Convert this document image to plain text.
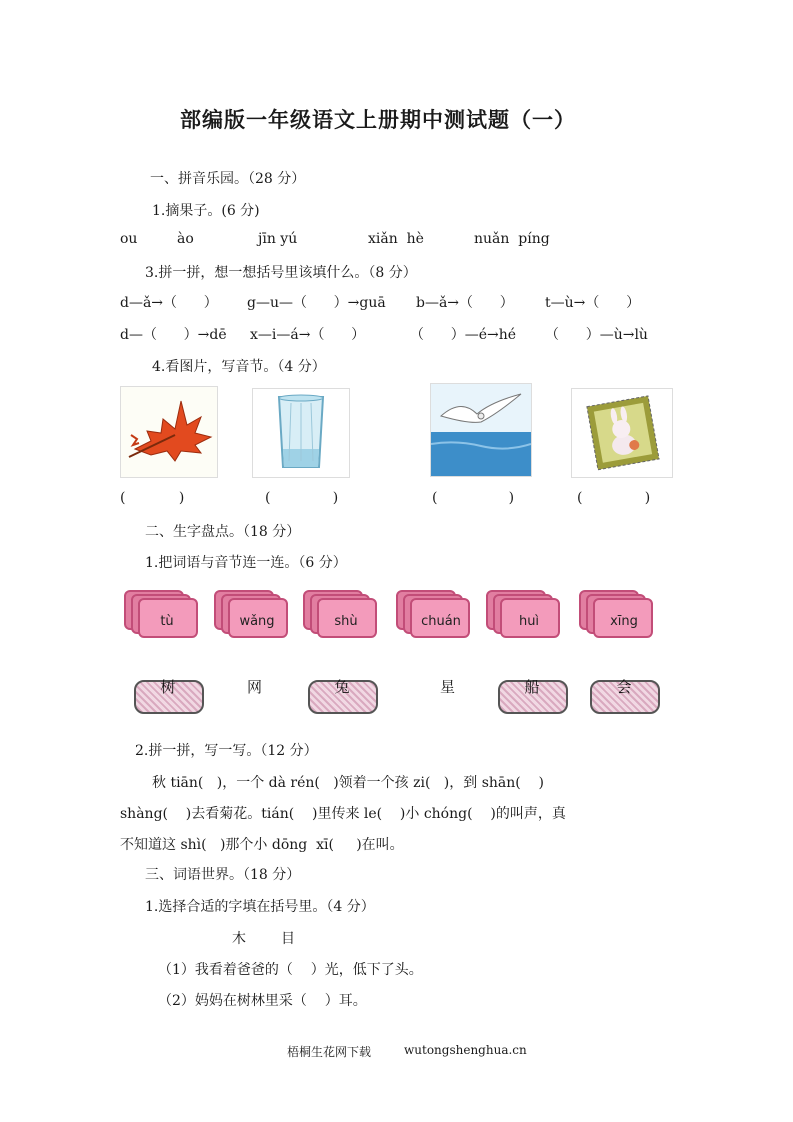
部编版一年级语文上册期中测试题（一）
一、拼音乐园。（28 分）
1.摘果子。(6 分)
ou	ào	jīn yú	xiǎn  hè	nuǎn  píng
3.拼一拼，想一想括号里该填什么。（8 分）
d—ǎ→（      ） g—u—（      ）→guā b—ǎ→（      ） t—ù→（      ）
d—（      ）→dē x—i—á→（      ）	（      ）—é→hé （      ）—ù→lù
4.看图片，写音节。（4 分）
(            )	(              )	(                )	(              )
二、生字盘点。（18 分）
1.把词语与音节连一连。（6 分）
tù	wǎng	shù	chuán	huì	xīng
树	网	兔	星	船	会
2.拼一拼，写一写。（12 分）
秋 tiān(   )，一个 dà rén(   )领着一个孩 zi(   )，到 shān(    )
shàng(    )去看菊花。tián(    )里传来 le(    )小 chóng(    )的叫声，真
不知道这 shì(   )那个小 dōng  xī(     )在叫。
三、词语世界。（18 分）
1.选择合适的字填在括号里。（4 分）
木	目
（1）我看着爸爸的（    ）光，低下了头。
（2）妈妈在树林里采（    ）耳。
梧桐生花网下载	wutongshenghua.cn
